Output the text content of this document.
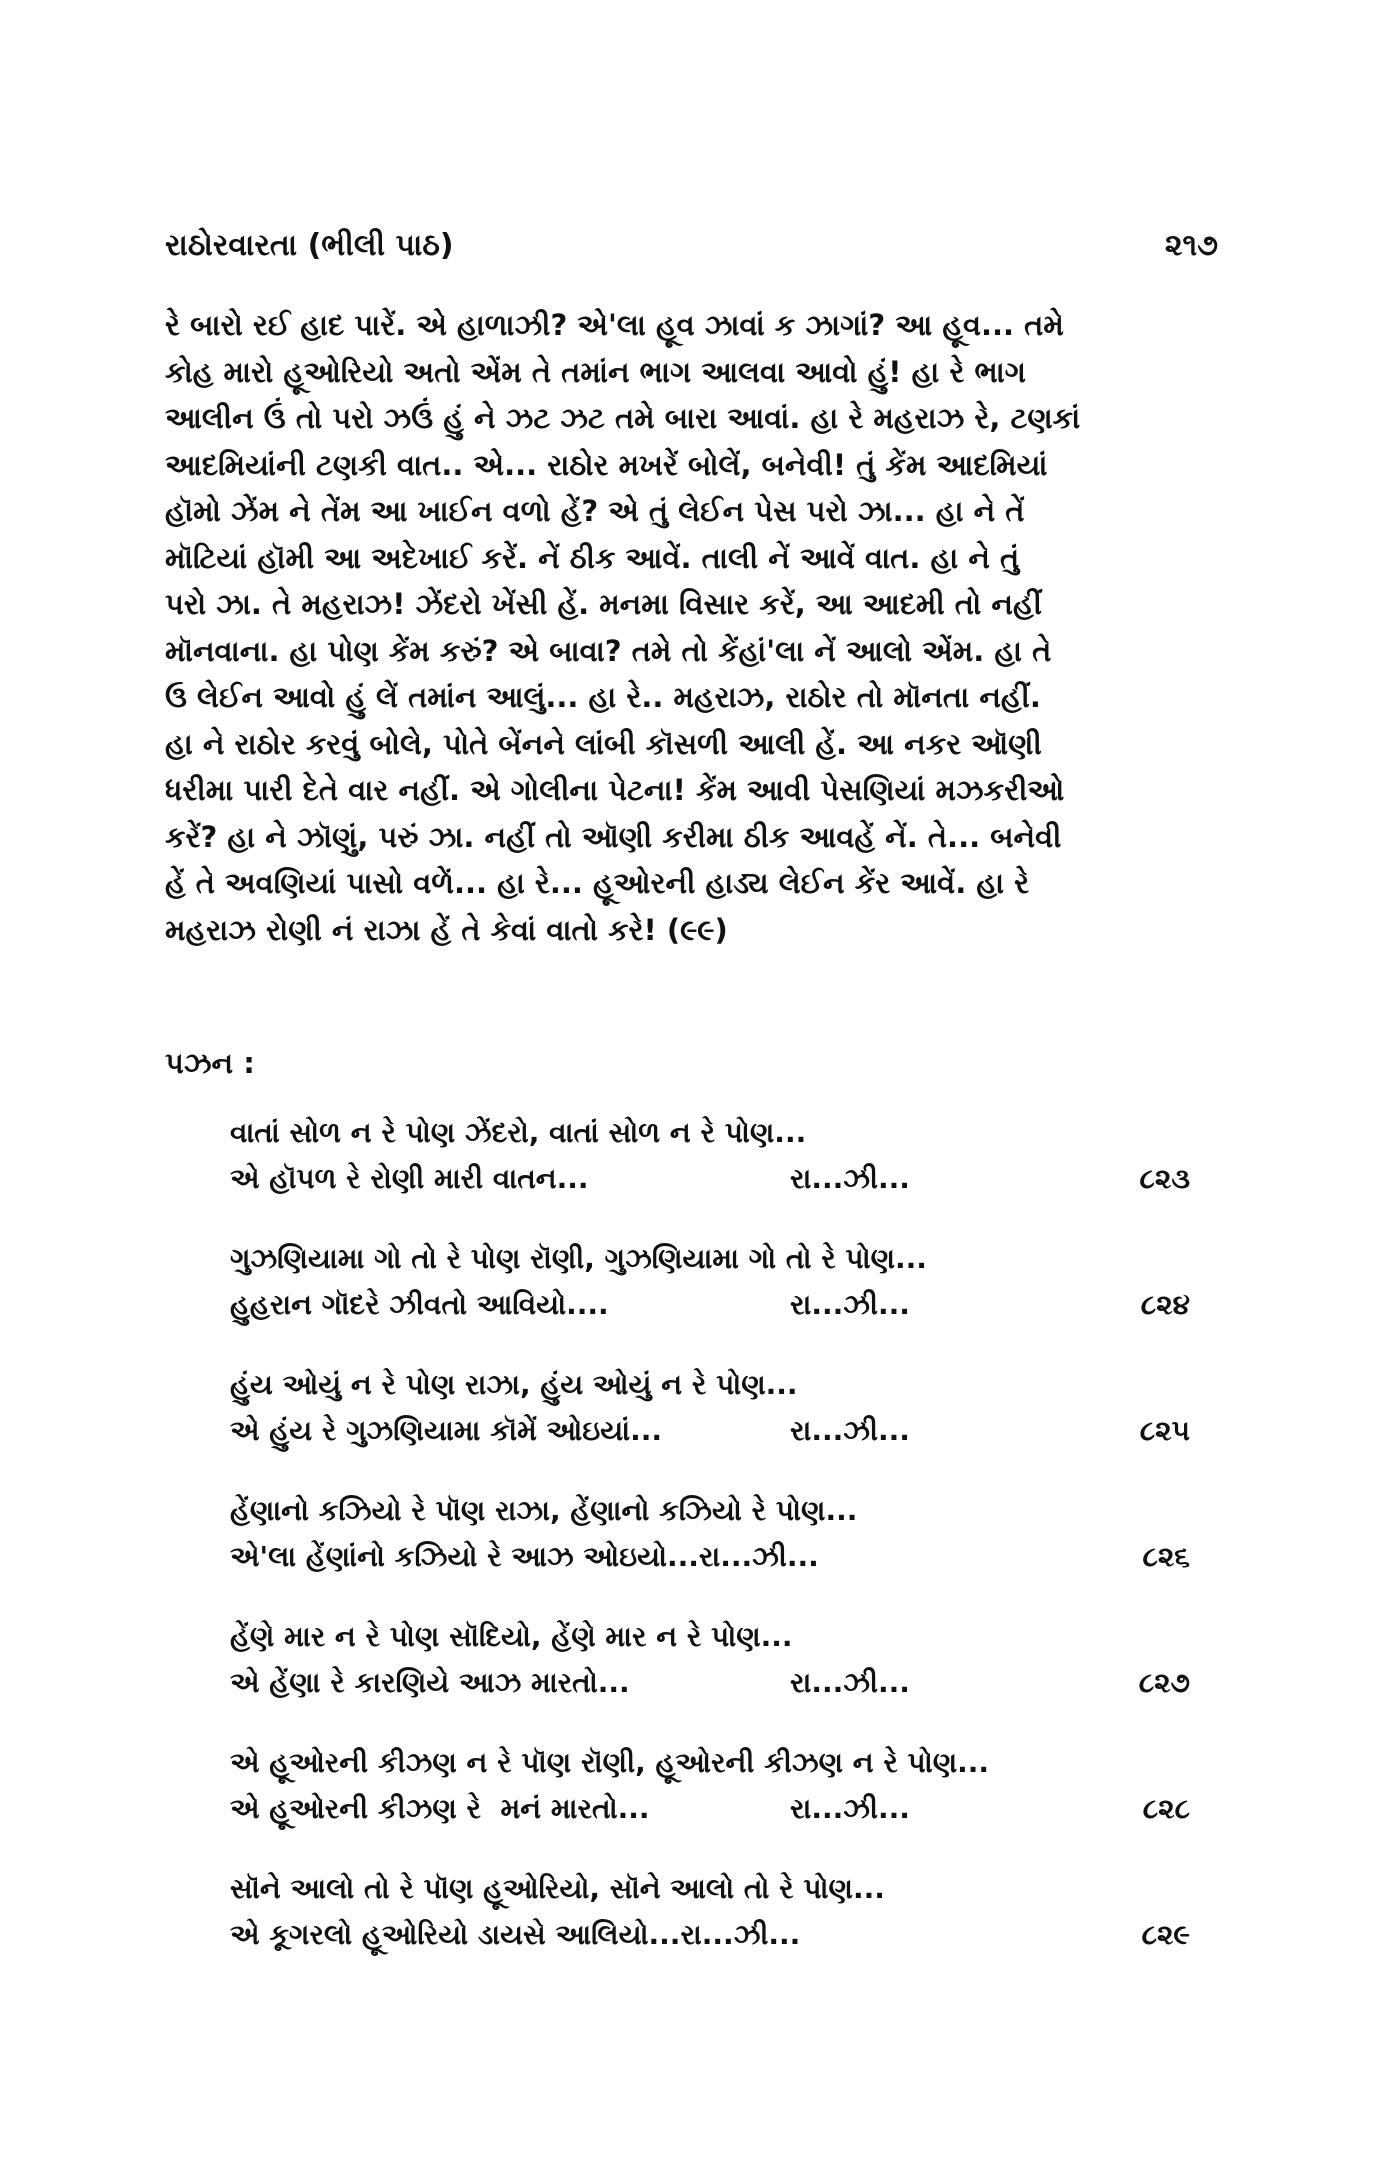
રાઠોરવારતા (ભીલી પાઠ)	૨૧૭
રે બારો રઈ હાદ પારેં. એ હાળાઝી? એ'લા હૂવ ઝાવાં ક ઝાગાં? આ હૂવ... તમે
કોહ મારો હૂઓરિયો અતો એંમ તે તમાંન ભાગ આલવા આવો હું! હા રે ભાગ
આલીન ઉં તો પરો ઝઉં હું ને ઝટ ઝટ તમે બારા આવાં. હા રે મહરાઝ રે, ટણકાં
આદમિયાંની ટણકી વાત.. એ... રાઠોર મખરેં બોલેં, બનેવી! તું કેંમ આદમિયાં
હૉમો ઝેંમ ને તેંમ આ ખાઈન વળો હેં? એ તું લેઈન પેસ પરો ઝા... હા ને તેં
મૉટિયાં હૉમી આ અદેખાઈ કરેં. નેં ઠીક આવેં. તાલી નેં આવેં વાત. હા ને તું
પરો ઝા. તે મહરાઝ! ઝેંદરો ખેંસી હેં. મનમા વિસાર કરેં, આ આદમી તો નહીં
મૉનવાના. હા પોણ કેંમ કરું? એ બાવા? તમે તો કેંહાં'લા નેં આલો એંમ. હા તે
ઉ લેઈન આવો હું લેં તમાંન આલું... હા રે.. મહરાઝ, રાઠોર તો મૉનતા નહીં.
હા ને રાઠોર કરવું બોલે, પોતે બેંનને લાંબી કૉસળી આલી હેં. આ નકર ઑણી
ધરીમા પારી દેતે વાર નહીં. એ ગોલીના પેટના! કેંમ આવી પેસણિયાં મઝકરીઓ
કરેં? હા ને ઝૉણું, પરું ઝા. નહીં તો ઑણી કરીમા ઠીક આવહેં નેં. તે... બનેવી
હેં તે અવણિયાં પાસો વળેં... હા રે... હૂઓરની હાડ્ય લેઈન કેંર આવેં. હા રે
મહરાઝ રોણી નં રાઝા હેં તે કેવાં વાતો કરે! (૯૯)
પઝન :
વાતાં સોળ ન રે પોણ ઝેંદરો, વાતાં સોળ ન રે પોણ...
એ હૉપળ રે રોણી મારી વાતન...	રા...ઝી...	૮૨૩
ગુઝણિયામા ગો તો રે પોણ રૉણી, ગુઝણિયામા ગો તો રે પોણ...
હુહરાન ગૉદરે ઝીવતો આવિયો....	રા...ઝી...	૮૨૪
હુંય ઓયું ન રે પોણ રાઝા, હુંય ઓયું ન રે પોણ...
એ હુંય રે ગુઝણિયામા કૉમેં ઓઇયાં...	રા...ઝી...	૮૨૫
હેંણાનો કઝિયો રે પૉણ રાઝા, હેંણાનો કઝિયો રે પોણ...
એ'લા હેંણાંનો કઝિયો રે આઝ ઓઇયો...રા...ઝી...	૮૨૬
હેંણે માર ન રે પોણ સૉદિયો, હેંણે માર ન રે પોણ...
એ હેંણા રે કારણિયે આઝ મારતો...	રા...ઝી...	૮૨૭
એ હૂઓરની કીઝણ ન રે પૉણ રૉણી, હૂઓરની કીઝણ ન રે પોણ...
એ હૂઓરની કીઝણ રે  મનં મારતો...	રા...ઝી...	૮૨૮
સૉને આલો તો રે પૉણ હૂઓરિયો, સૉને આલો તો રે પોણ...
એ કૂગરલો હૂઓરિયો ડાયસે આલિયો...રા...ઝી...	૮૨૯
